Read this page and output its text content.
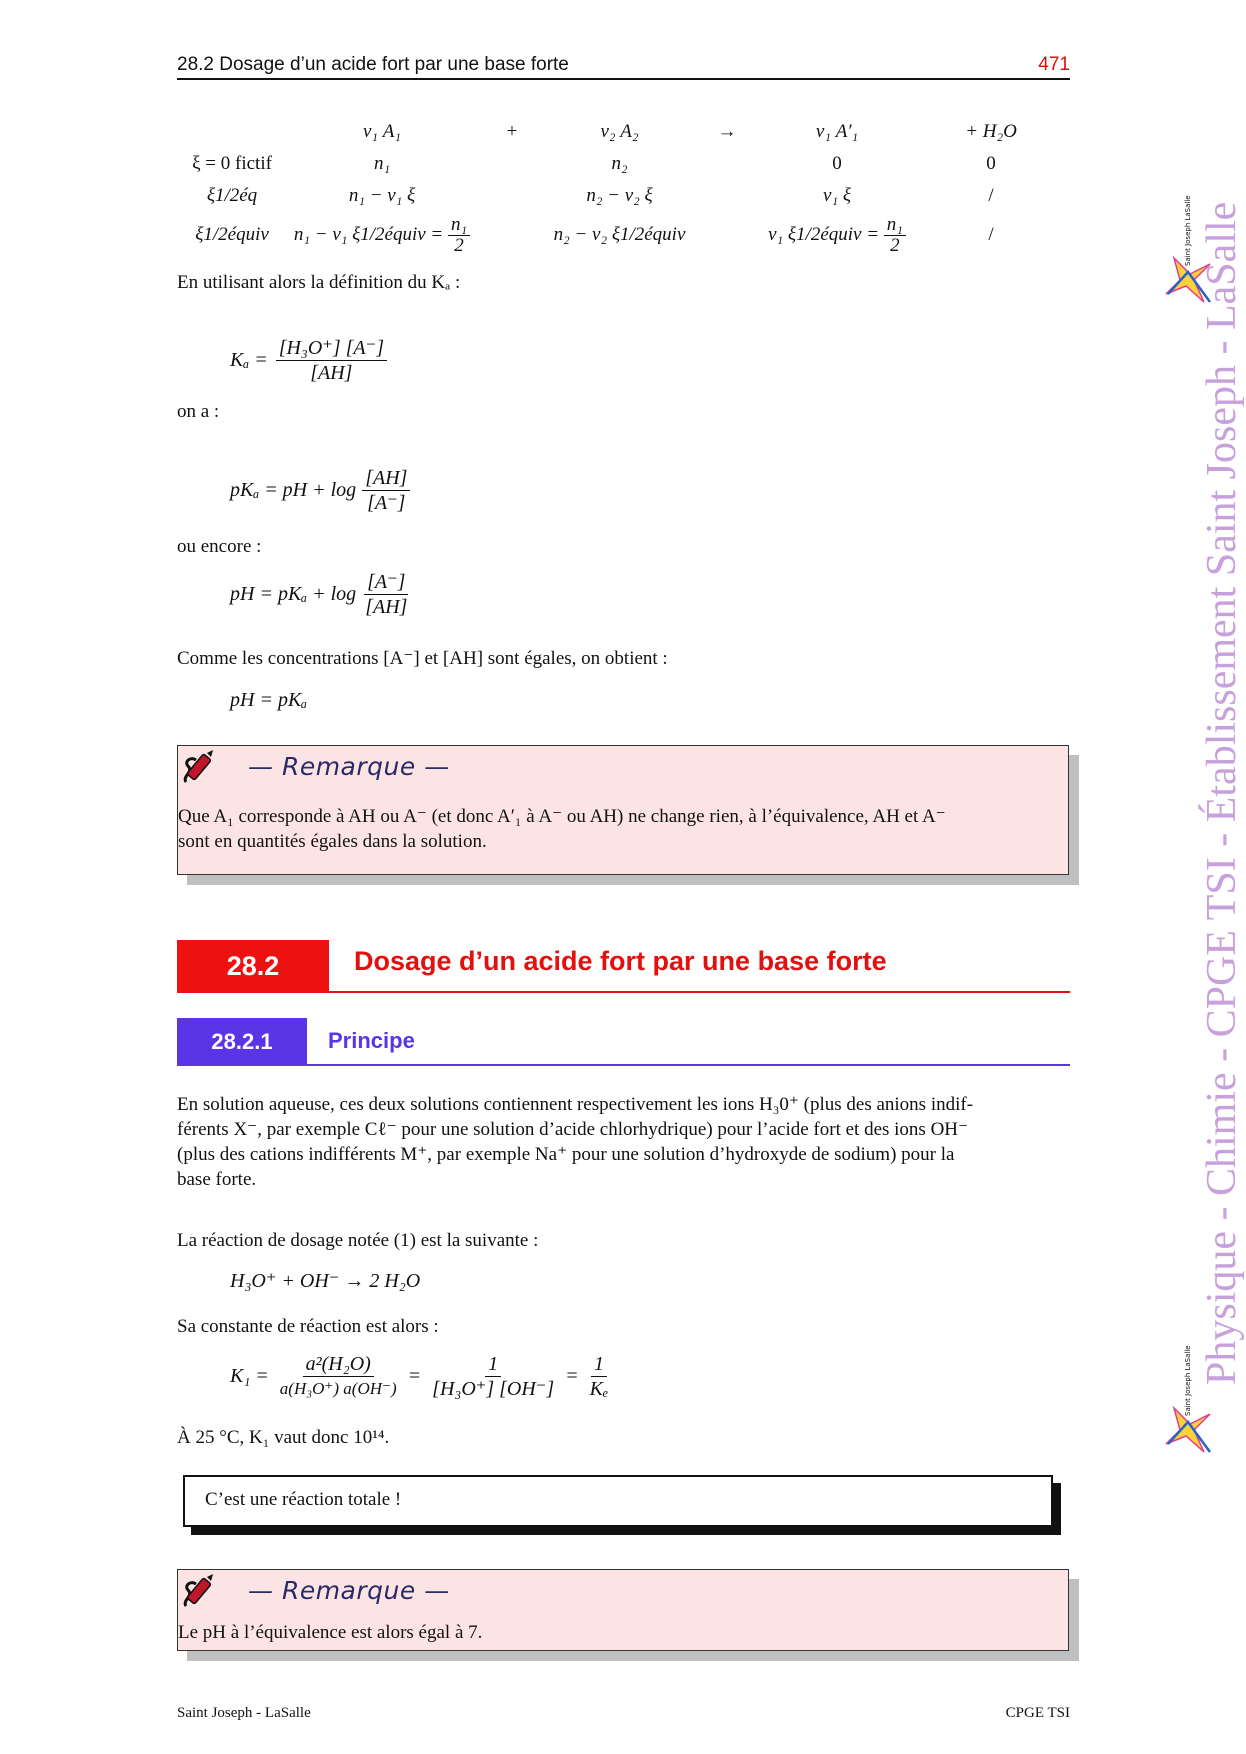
28.2 Dosage d’un acide fort par une base forte	471
	ν₁ A₁	+	ν₂ A₂	→	ν₁ A′₁	+ H₂O
ξ = 0 fictif	n₁		n₂		0	0
ξ1/2éq	n₁ − ν₁ ξ		n₂ − ν₂ ξ		ν₁ ξ	/
ξ1/2équiv	n₁ − ν₁ ξ1/2équiv = $\frac{\text{n₁}}{2}$		n₂ − ν₂ ξ1/2équiv		ν₁ ξ1/2équiv = $\frac{\text{n₁}}{2}$	/
En utilisant alors la définition du Kₐ :
$K_a = \frac{\text{[H₃O⁺] [A⁻]}}{[AH]}$
on a :
pKₐ = pH + $\log \frac{[AH]}{[A^-]}$
ou encore :
pH = $pK_a + \log \frac{[A^-]}{[AH]}$
Comme les concentrations [A⁻] et [AH] sont égales, on obtient :
pH = pKₐ
— Remarque —
Que A₁ corresponde à AH ou A⁻ (et donc A′₁ à A⁻ ou AH) ne change rien, à l’équivalence, AH et A⁻
sont en quantités égales dans la solution.
28.2	Dosage d’un acide fort par une base forte
28.2.1	Principe
En solution aqueuse, ces deux solutions contiennent respectivement les ions H₃0⁺ (plus des anions indif-
férents X⁻, par exemple Cℓ⁻ pour une solution d’acide chlorhydrique) pour l’acide fort et des ions OH⁻
(plus des cations indifférents M⁺, par exemple Na⁺ pour une solution d’hydroxyde de sodium) pour la
base forte.
La réaction de dosage notée (1) est la suivante :
H₃O⁺ + OH⁻ → 2 H₂O
Sa constante de réaction est alors :
$K_1 = \frac{\text{a²(H₂O)}}{\text{a(H₃O⁺) a(OH⁻)}} = \frac{1}{\text{[H₃O⁺] [OH⁻]}} = \frac{1}{\text{Kₑ}}$
À 25 °C, K₁ vaut donc 10¹⁴.
C’est une réaction totale !
— Remarque —
Le pH à l’équivalence est alors égal à 7.
Saint Joseph LaSalle
Saint Joseph LaSalle Physique - Chimie - CPGE TSI - Établissement Saint Joseph - LaSalle
Saint Joseph - LaSalle	CPGE TSI
